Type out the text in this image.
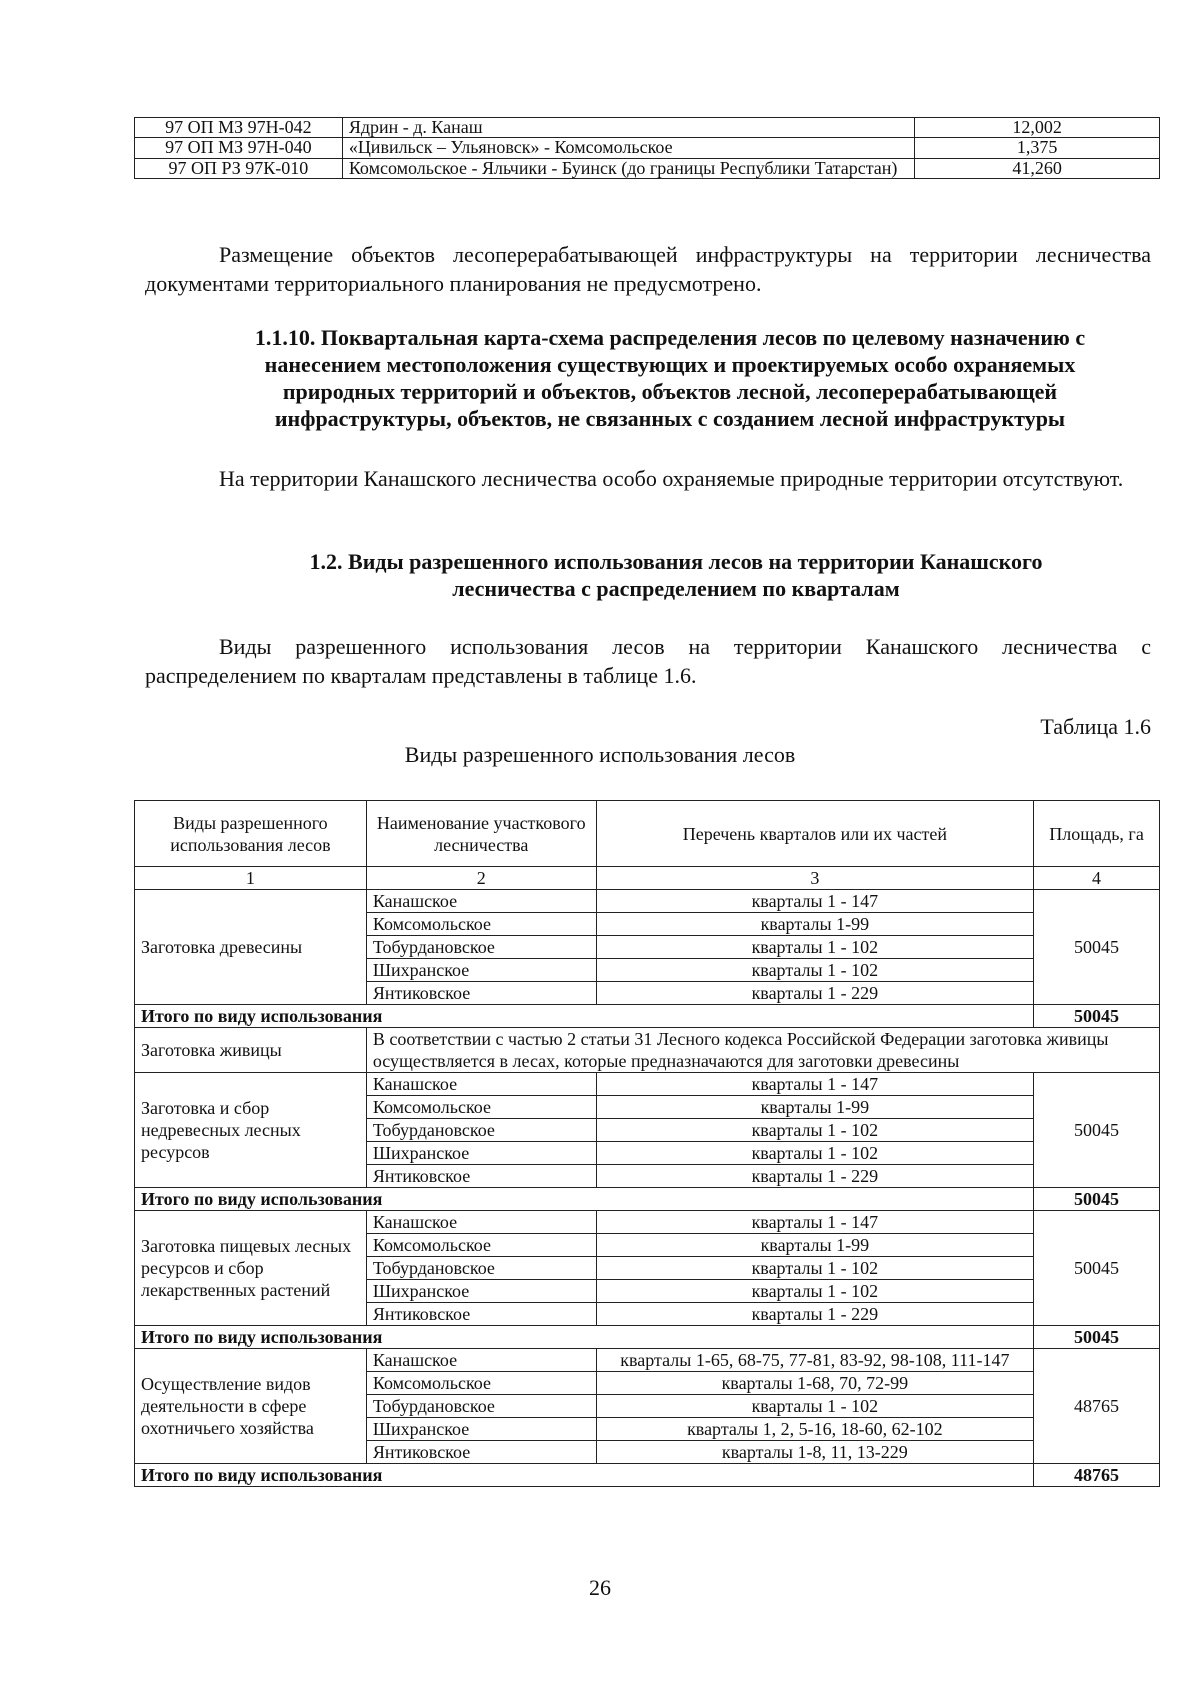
97 ОП МЗ 97Н-042	Ядрин - д. Канаш	12,002
97 ОП МЗ 97Н-040	«Цивильск – Ульяновск» - Комсомольское	1,375
97 ОП РЗ 97К-010	Комсомольское - Яльчики - Буинск (до границы Республики Татарстан)	41,260
Размещение объектов лесоперерабатывающей инфраструктуры на территории лесничества документами территориального планирования не предусмотрено.
1.1.10. Поквартальная карта-схема распределения лесов по целевому назначению с
нанесением местоположения существующих и проектируемых особо охраняемых
природных территорий и объектов, объектов лесной, лесоперерабатывающей
инфраструктуры, объектов, не связанных с созданием лесной инфраструктуры
На территории Канашского лесничества особо охраняемые природные территории отсутствуют.
1.2. Виды разрешенного использования лесов на территории Канашского
лесничества с распределением по кварталам
Виды разрешенного использования лесов на территории Канашского лесничества с распределением по кварталам представлены в таблице 1.6.
Таблица 1.6
Виды разрешенного использования лесов
Виды разрешенного использования лесов	Наименование участкового лесничества	Перечень кварталов или их частей	Площадь, га
1	2	3	4
Заготовка древесины	Канашское	кварталы 1 - 147	50045
	Комсомольское	кварталы 1-99	
	Тобурдановское	кварталы 1 - 102	
	Шихранское	кварталы 1 - 102	
	Янтиковское	кварталы 1 - 229	
Итого по виду использования			50045
Заготовка живицы	В соответствии с частью 2 статьи 31 Лесного кодекса Российской Федерации заготовка живицы осуществляется в лесах, которые предназначаются для заготовки древесины		
Заготовка и сбор недревесных лесных ресурсов	Канашское	кварталы 1 - 147	50045
	Комсомольское	кварталы 1-99	
	Тобурдановское	кварталы 1 - 102	
	Шихранское	кварталы 1 - 102	
	Янтиковское	кварталы 1 - 229	
Итого по виду использования			50045
Заготовка пищевых лесных ресурсов и сбор лекарственных растений	Канашское	кварталы 1 - 147	50045
	Комсомольское	кварталы 1-99	
	Тобурдановское	кварталы 1 - 102	
	Шихранское	кварталы 1 - 102	
	Янтиковское	кварталы 1 - 229	
Итого по виду использования			50045
Осуществление видов деятельности в сфере охотничьего хозяйства	Канашское	кварталы 1-65, 68-75, 77-81, 83-92, 98-108, 111-147	48765
	Комсомольское	кварталы 1-68, 70, 72-99	
	Тобурдановское	кварталы 1 - 102	
	Шихранское	кварталы 1, 2, 5-16, 18-60, 62-102	
	Янтиковское	кварталы 1-8, 11, 13-229	
Итого по виду использования			48765
26
